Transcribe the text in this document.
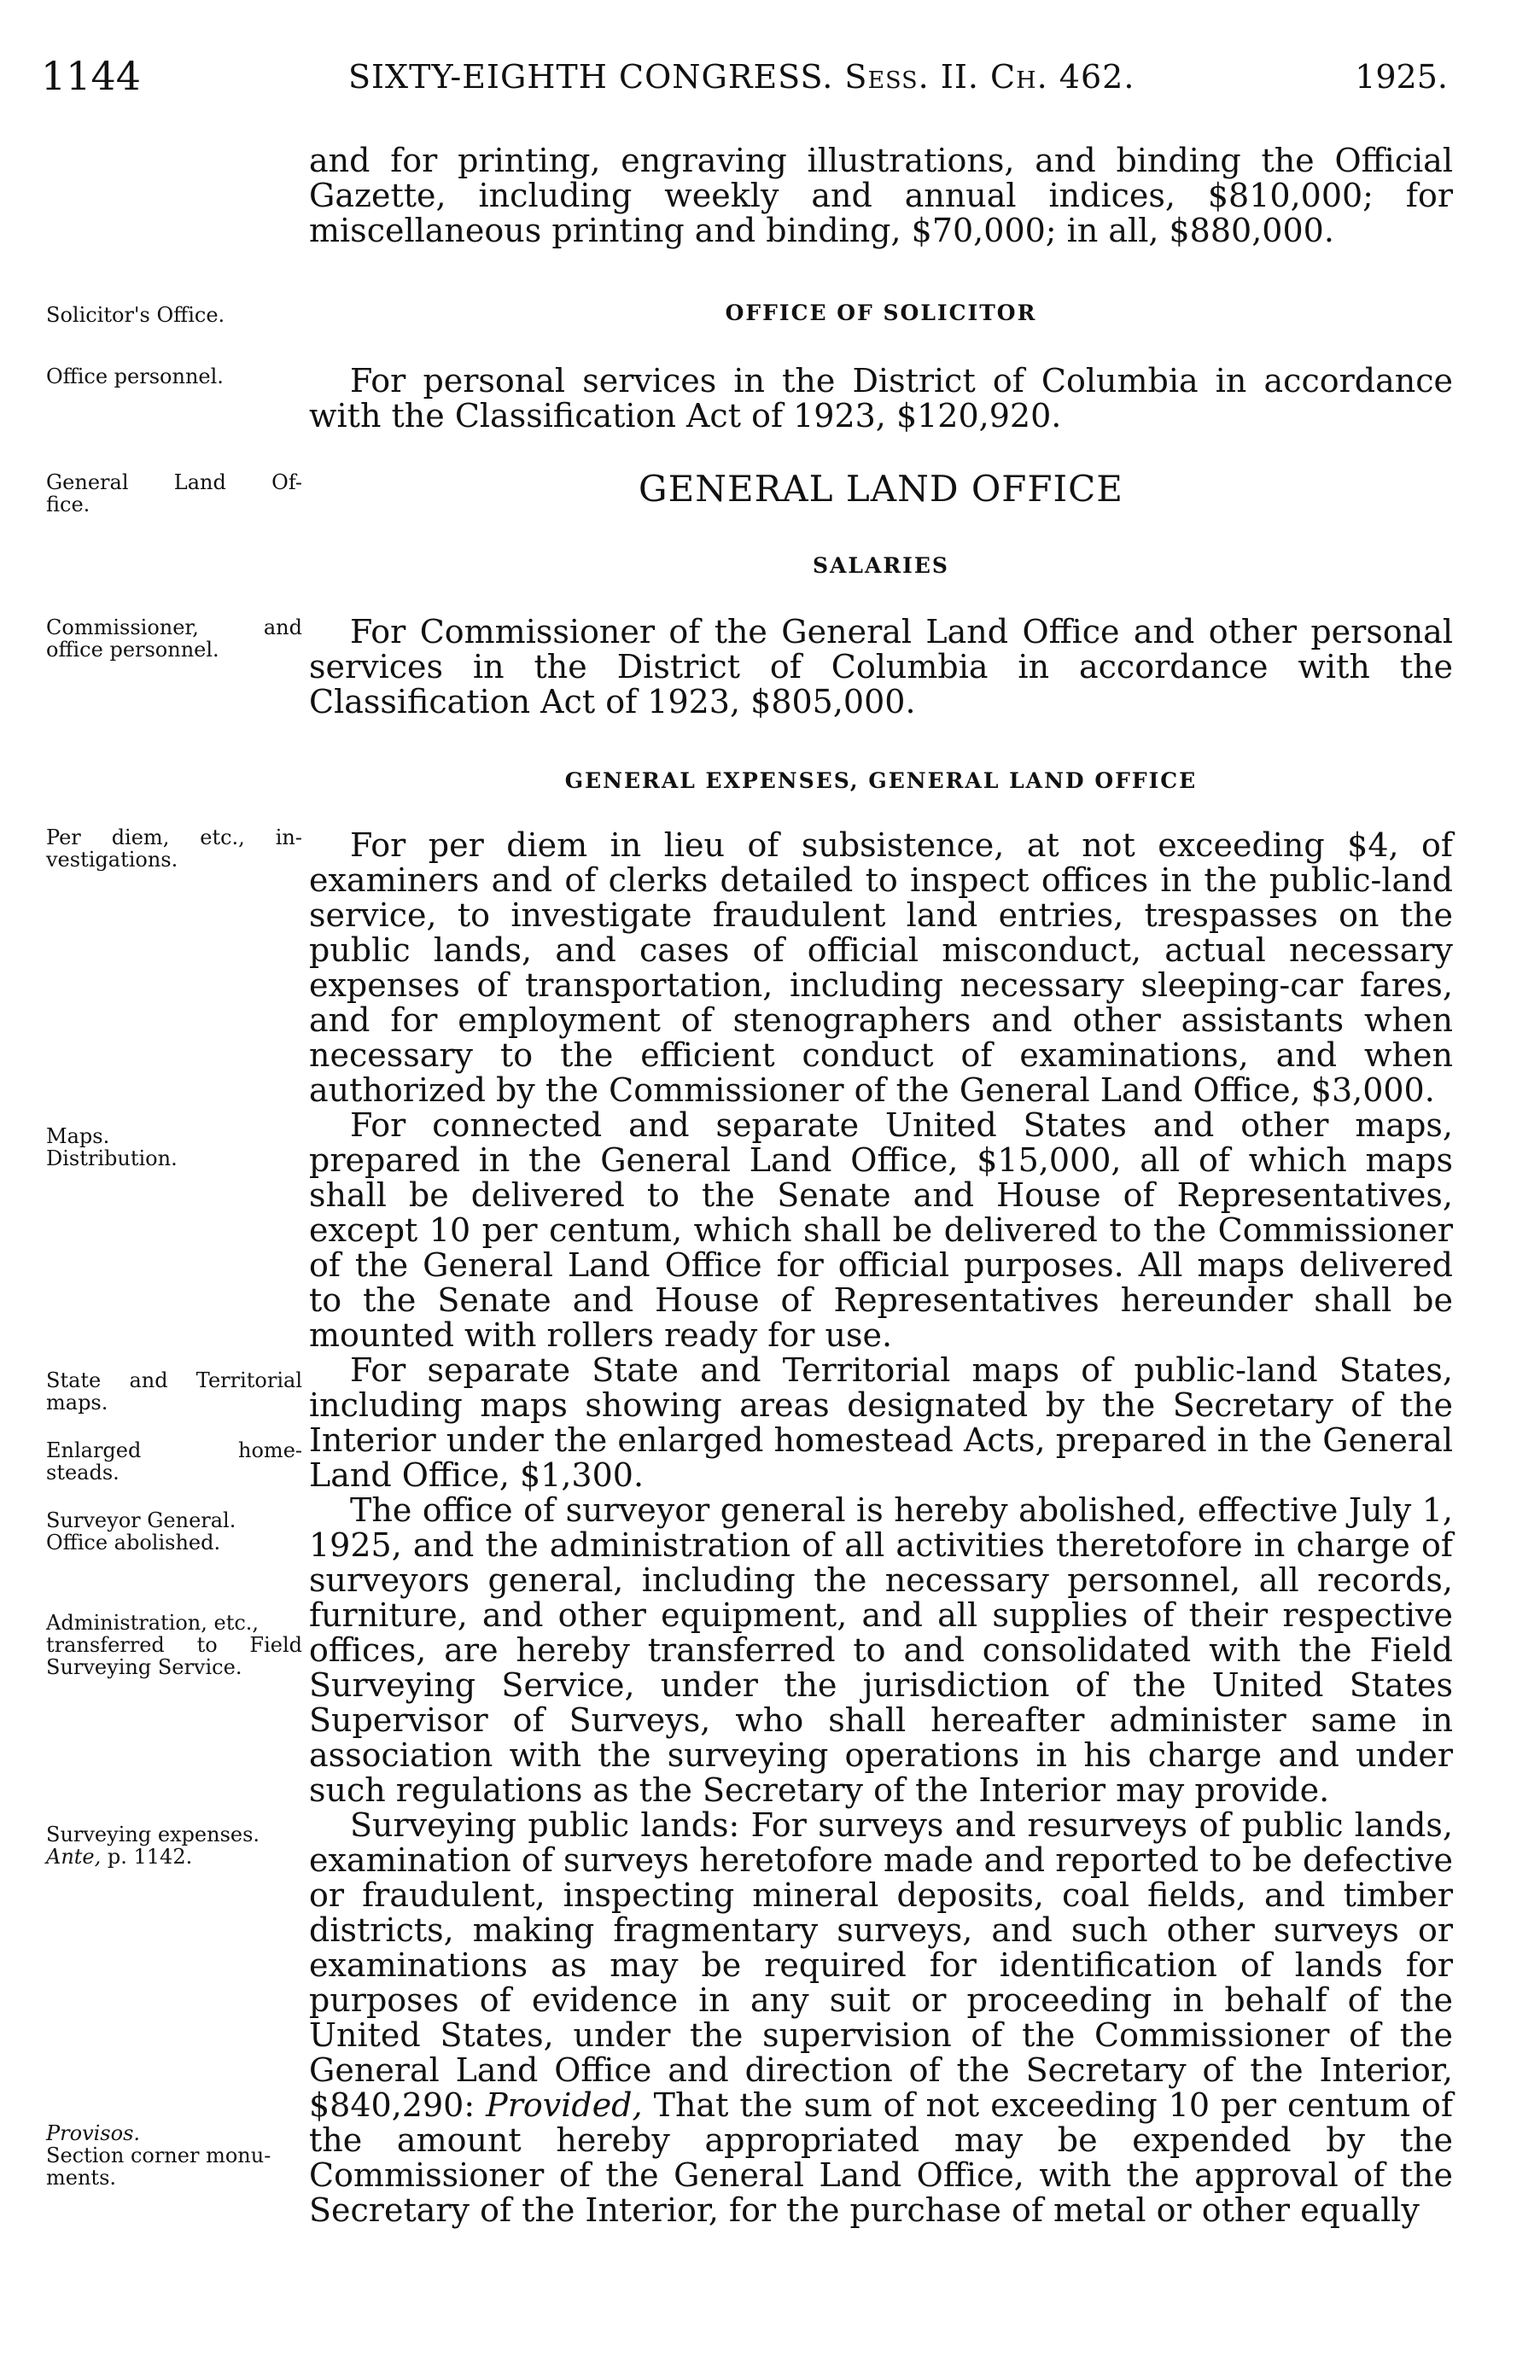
1144	SIXTY-EIGHTH CONGRESS. Sess. II. Ch. 462.	1925.

and for printing, engraving illustrations, and binding the Official Gazette, including weekly and annual indices, $810,000; for miscellaneous printing and binding, $70,000; in all, $880,000.

OFFICE OF SOLICITOR

For personal services in the District of Columbia in accordance with the Classification Act of 1923, $120,920.

GENERAL LAND OFFICE
SALARIES

For Commissioner of the General Land Office and other personal services in the District of Columbia in accordance with the Classification Act of 1923, $805,000.

GENERAL EXPENSES, GENERAL LAND OFFICE

For per diem in lieu of subsistence, at not exceeding $4, of examiners and of clerks detailed to inspect offices in the public-land service, to investigate fraudulent land entries, trespasses on the public lands, and cases of official misconduct, actual necessary expenses of transportation, including necessary sleeping-car fares, and for employment of stenographers and other assistants when necessary to the efficient conduct of examinations, and when authorized by the Commissioner of the General Land Office, $3,000.

For connected and separate United States and other maps, prepared in the General Land Office, $15,000, all of which maps shall be delivered to the Senate and House of Representatives, except 10 per centum, which shall be delivered to the Commissioner of the General Land Office for official purposes. All maps delivered to the Senate and House of Representatives hereunder shall be mounted with rollers ready for use.

For separate State and Territorial maps of public-land States, including maps showing areas designated by the Secretary of the Interior under the enlarged homestead Acts, prepared in the General Land Office, $1,300.

The office of surveyor general is hereby abolished, effective July 1, 1925, and the administration of all activities theretofore in charge of surveyors general, including the necessary personnel, all records, furniture, and other equipment, and all supplies of their respective offices, are hereby transferred to and consolidated with the Field Surveying Service, under the jurisdiction of the United States Supervisor of Surveys, who shall hereafter administer same in association with the surveying operations in his charge and under such regulations as the Secretary of the Interior may provide.

Surveying public lands: For surveys and resurveys of public lands, examination of surveys heretofore made and reported to be defective or fraudulent, inspecting mineral deposits, coal fields, and timber districts, making fragmentary surveys, and such other surveys or examinations as may be required for identification of lands for purposes of evidence in any suit or proceeding in behalf of the United States, under the supervision of the Commissioner of the General Land Office and direction of the Secretary of the Interior, $840,290: Provided, That the sum of not exceeding 10 per centum of the amount hereby appropriated may be expended by the Commissioner of the General Land Office, with the approval of the Secretary of the Interior, for the purchase of metal or other equally

Solicitor's Office.
Office personnel.
General Land Of-
fice.
Commissioner, and
office personnel.
Per diem, etc., in-
vestigations.
Maps.
Distribution.
State and Territorial
maps.
Enlarged home-
steads.
Surveyor General.
Office abolished.
Administration, etc.,
transferred to Field
Surveying Service.
Surveying expenses.
Ante, p. 1142.
Provisos.
Section corner monu-
ments.
